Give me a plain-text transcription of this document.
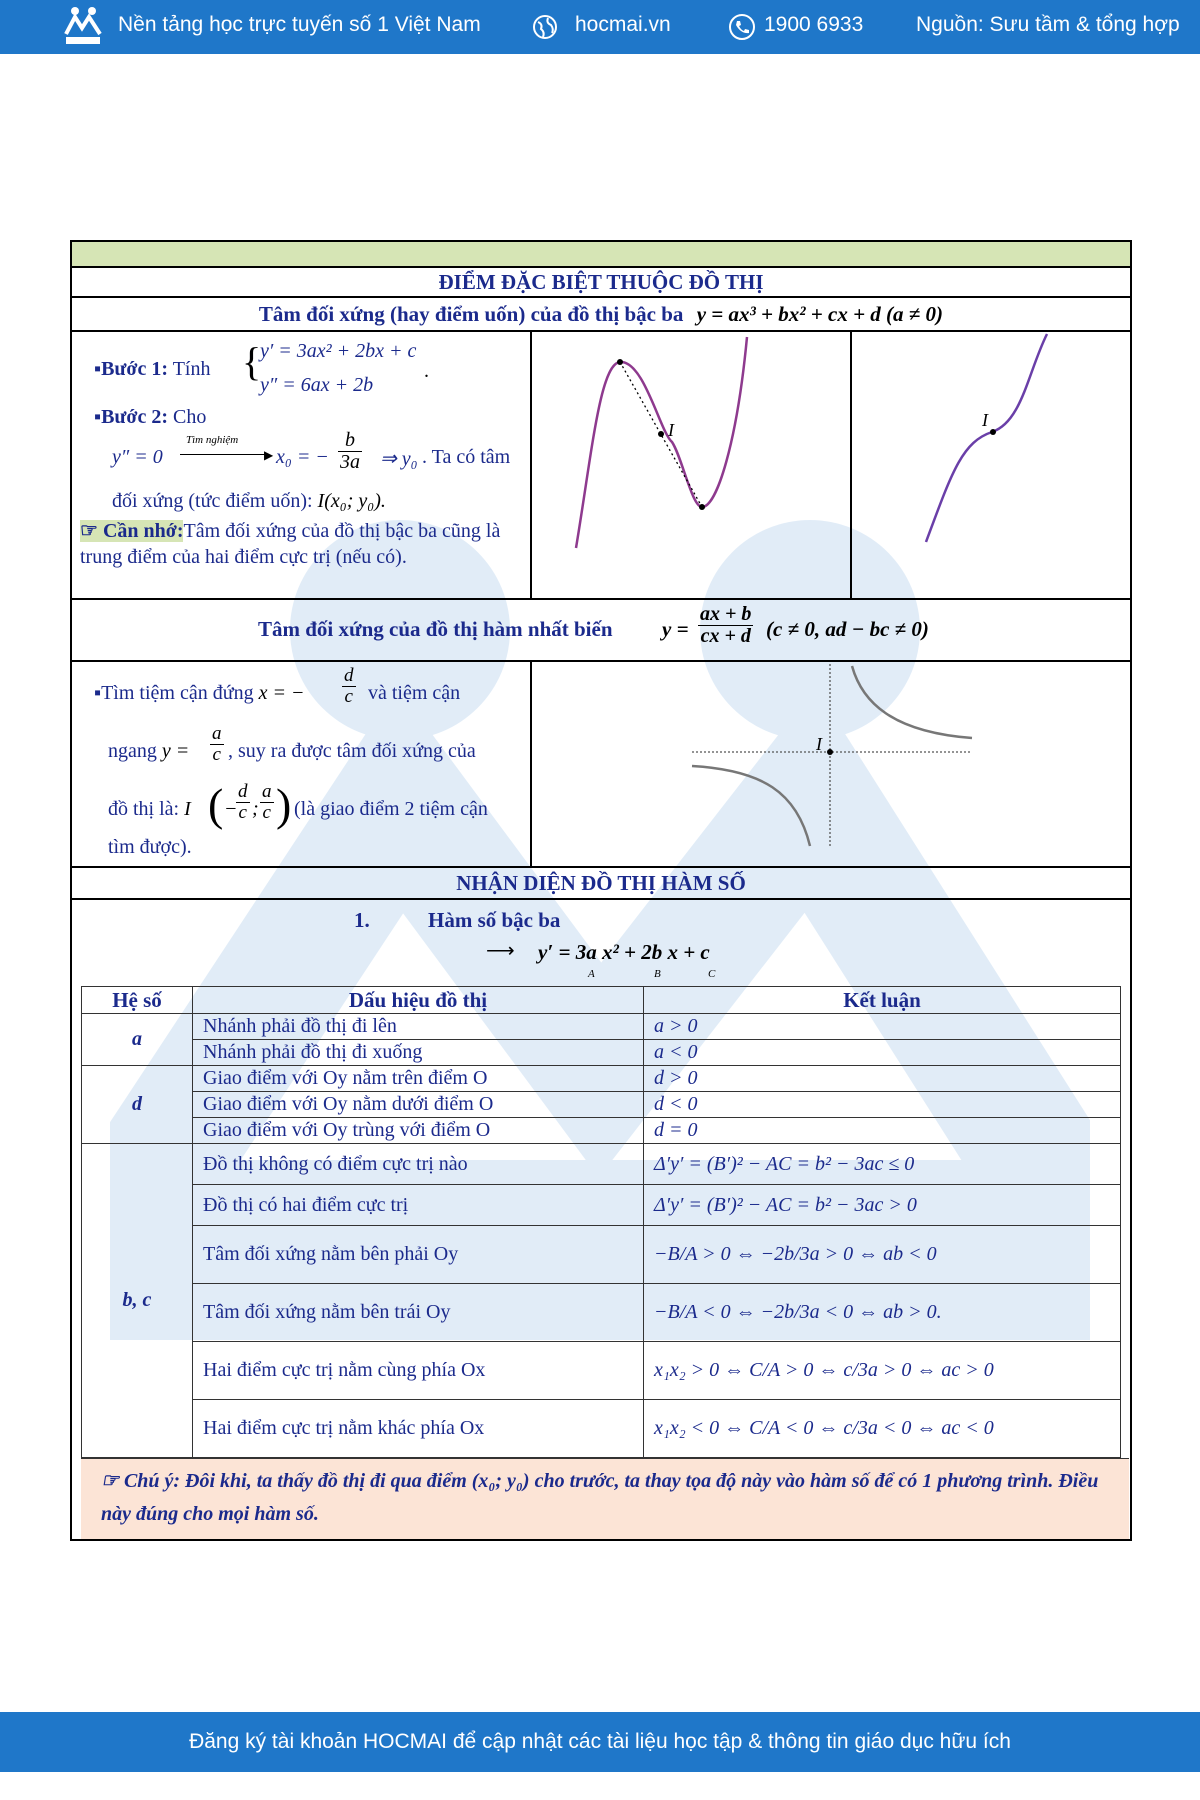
Nền tảng học trực tuyến số 1 Việt Nam	hocmai.vn	1900 6933	Nguồn: Sưu tầm & tổng hợp
ĐIỂM ĐẶC BIỆT THUỘC ĐỒ THỊ
Tâm đối xứng (hay điểm uốn) của đồ thị bậc ba y = ax³ + bx² + cx + d (a ≠ 0)
▪Bước 1: Tính {
y′ = 3ax² + 2bx + c
y″ = 6ax + 2b
.
▪Bước 2: Cho
y″ = 0
Tìm nghiệm
▶ x₀ = − $\frac{b}{3a}$ ⇒ y₀ . Ta có tâm
đối xứng (tức điểm uốn): I(x₀; y₀).
☞ Cần nhớ:Tâm đối xứng của đồ thị bậc ba cũng là trung điểm của hai điểm cực trị (nếu có).
I	I
Tâm đối xứng của đồ thị hàm nhất biến $y = \frac{ax + b}{cx + d} (c \ne 0$, ad − bc ≠ 0)
▪Tìm tiệm cận đứng x = − $\frac{d}{c}$ và tiệm cận
ngang $y = \frac{a}{c}$ , suy ra được tâm đối xứng của
đồ thị là: I ( −
$\frac{d}{c}$ ; $\frac{a}{c}$ ) (là giao điểm 2 tiệm cận
tìm được).
I
NHẬN DIỆN ĐỒ THỊ HÀM SỐ
1.	Hàm số bậc ba
⟶ y′ = 3a x² + 2b x + c
A	B	C
Hệ số	Dấu hiệu đồ thị	Kết luận
a	Nhánh phải đồ thị đi lên	a > 0
	Nhánh phải đồ thị đi xuống	a < 0
d	Giao điểm với Oy nằm trên điểm O	d > 0
	Giao điểm với Oy nằm dưới điểm O	d < 0
	Giao điểm với Oy trùng với điểm O	d = 0
b, c	Đồ thị không có điểm cực trị nào	Δ′y′ = (B′)² − AC = b² − 3ac ≤ 0
	Đồ thị có hai điểm cực trị	Δ′y′ = (B′)² − AC = b² − 3ac > 0
	Tâm đối xứng nằm bên phải Oy	−B/A > 0 ⇔ −2b/3a > 0 ⇔ ab < 0
	Tâm đối xứng nằm bên trái Oy	−B/A < 0 ⇔ −2b/3a < 0 ⇔ ab > 0.
	Hai điểm cực trị nằm cùng phía Ox	x₁x₂ > 0 ⇔ C/A > 0 ⇔ c/3a > 0 ⇔ ac > 0
	Hai điểm cực trị nằm khác phía Ox	x₁x₂ < 0 ⇔ C/A < 0 ⇔ c/3a < 0 ⇔ ac < 0
☞ Chú ý: Đôi khi, ta thấy đồ thị đi qua điểm (x₀; y₀) cho trước, ta thay tọa độ này vào hàm số để có 1 phương trình. Điều này đúng cho mọi hàm số.
Đăng ký tài khoản HOCMAI để cập nhật các tài liệu học tập & thông tin giáo dục hữu ích
